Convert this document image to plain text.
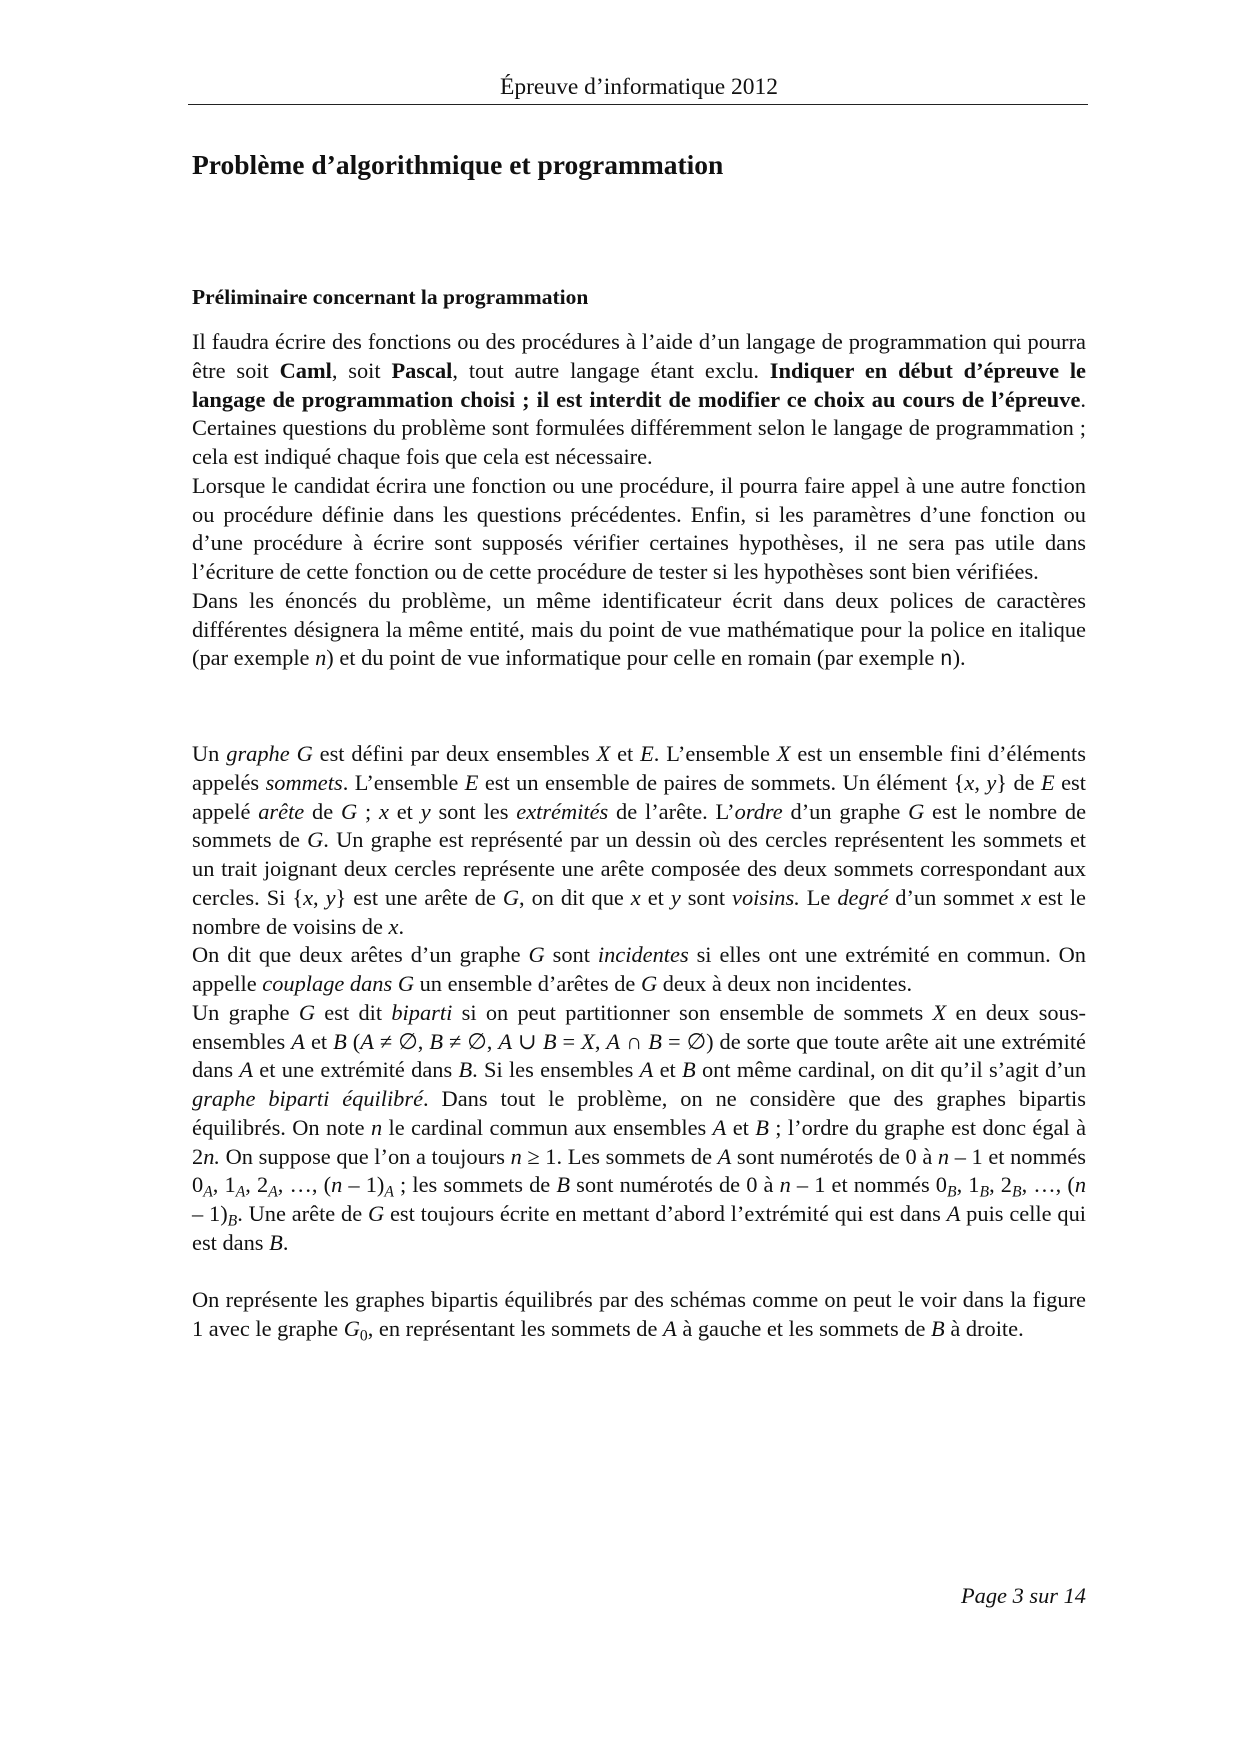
Épreuve d’informatique 2012
Problème d’algorithmique et programmation
Préliminaire concernant la programmation

Il faudra écrire des fonctions ou des procédures à l’aide d’un langage de programmation qui pourra être soit Caml, soit Pascal, tout autre langage étant exclu. Indiquer en début d’épreuve le langage de programmation choisi ; il est interdit de modifier ce choix au cours de l’épreuve. Certaines questions du problème sont formulées différemment selon le langage de programmation ; cela est indiqué chaque fois que cela est nécessaire.

Lorsque le candidat écrira une fonction ou une procédure, il pourra faire appel à une autre fonction ou procédure définie dans les questions précédentes. Enfin, si les paramètres d’une fonction ou d’une procédure à écrire sont supposés vérifier certaines hypothèses, il ne sera pas utile dans l’écriture de cette fonction ou de cette procédure de tester si les hypothèses sont bien vérifiées.

Dans les énoncés du problème, un même identificateur écrit dans deux polices de caractères différentes désignera la même entité, mais du point de vue mathématique pour la police en italique (par exemple n) et du point de vue informatique pour celle en romain (par exemple n).

Un graphe G est défini par deux ensembles X et E. L’ensemble X est un ensemble fini d’éléments appelés sommets. L’ensemble E est un ensemble de paires de sommets. Un élément {x, y} de E est appelé arête de G ; x et y sont les extrémités de l’arête. L’ordre d’un graphe G est le nombre de sommets de G. Un graphe est représenté par un dessin où des cercles représentent les sommets et un trait joignant deux cercles représente une arête composée des deux sommets correspondant aux cercles. Si {x, y} est une arête de G, on dit que x et y sont voisins. Le degré d’un sommet x est le nombre de voisins de x.

On dit que deux arêtes d’un graphe G sont incidentes si elles ont une extrémité en commun. On appelle couplage dans G un ensemble d’arêtes de G deux à deux non incidentes.

Un graphe G est dit biparti si on peut partitionner son ensemble de sommets X en deux sous-ensembles A et B (A ≠ ∅, B ≠ ∅, A ∪ B = X, A ∩ B = ∅) de sorte que toute arête ait une extrémité dans A et une extrémité dans B. Si les ensembles A et B ont même cardinal, on dit qu’il s’agit d’un graphe biparti équilibré. Dans tout le problème, on ne considère que des graphes bipartis équilibrés. On note n le cardinal commun aux ensembles A et B ; l’ordre du graphe est donc égal à 2n. On suppose que l’on a toujours n ≥ 1. Les sommets de A sont numérotés de 0 à n – 1 et nommés $0_A$, $1_A$, $2_A$, …, $(n - 1)_A$ ; les sommets de B sont numérotés de 0 à n – 1 et nommés $0_B$, $1_B$, $2_B$, …, $(n - 1)_B$. Une arête de G est toujours écrite en mettant d’abord l’extrémité qui est dans A puis celle qui est dans B.

On représente les graphes bipartis équilibrés par des schémas comme on peut le voir dans la figure 1 avec le graphe $G_0$, en représentant les sommets de A à gauche et les sommets de B à droite.

Page 3 sur 14
